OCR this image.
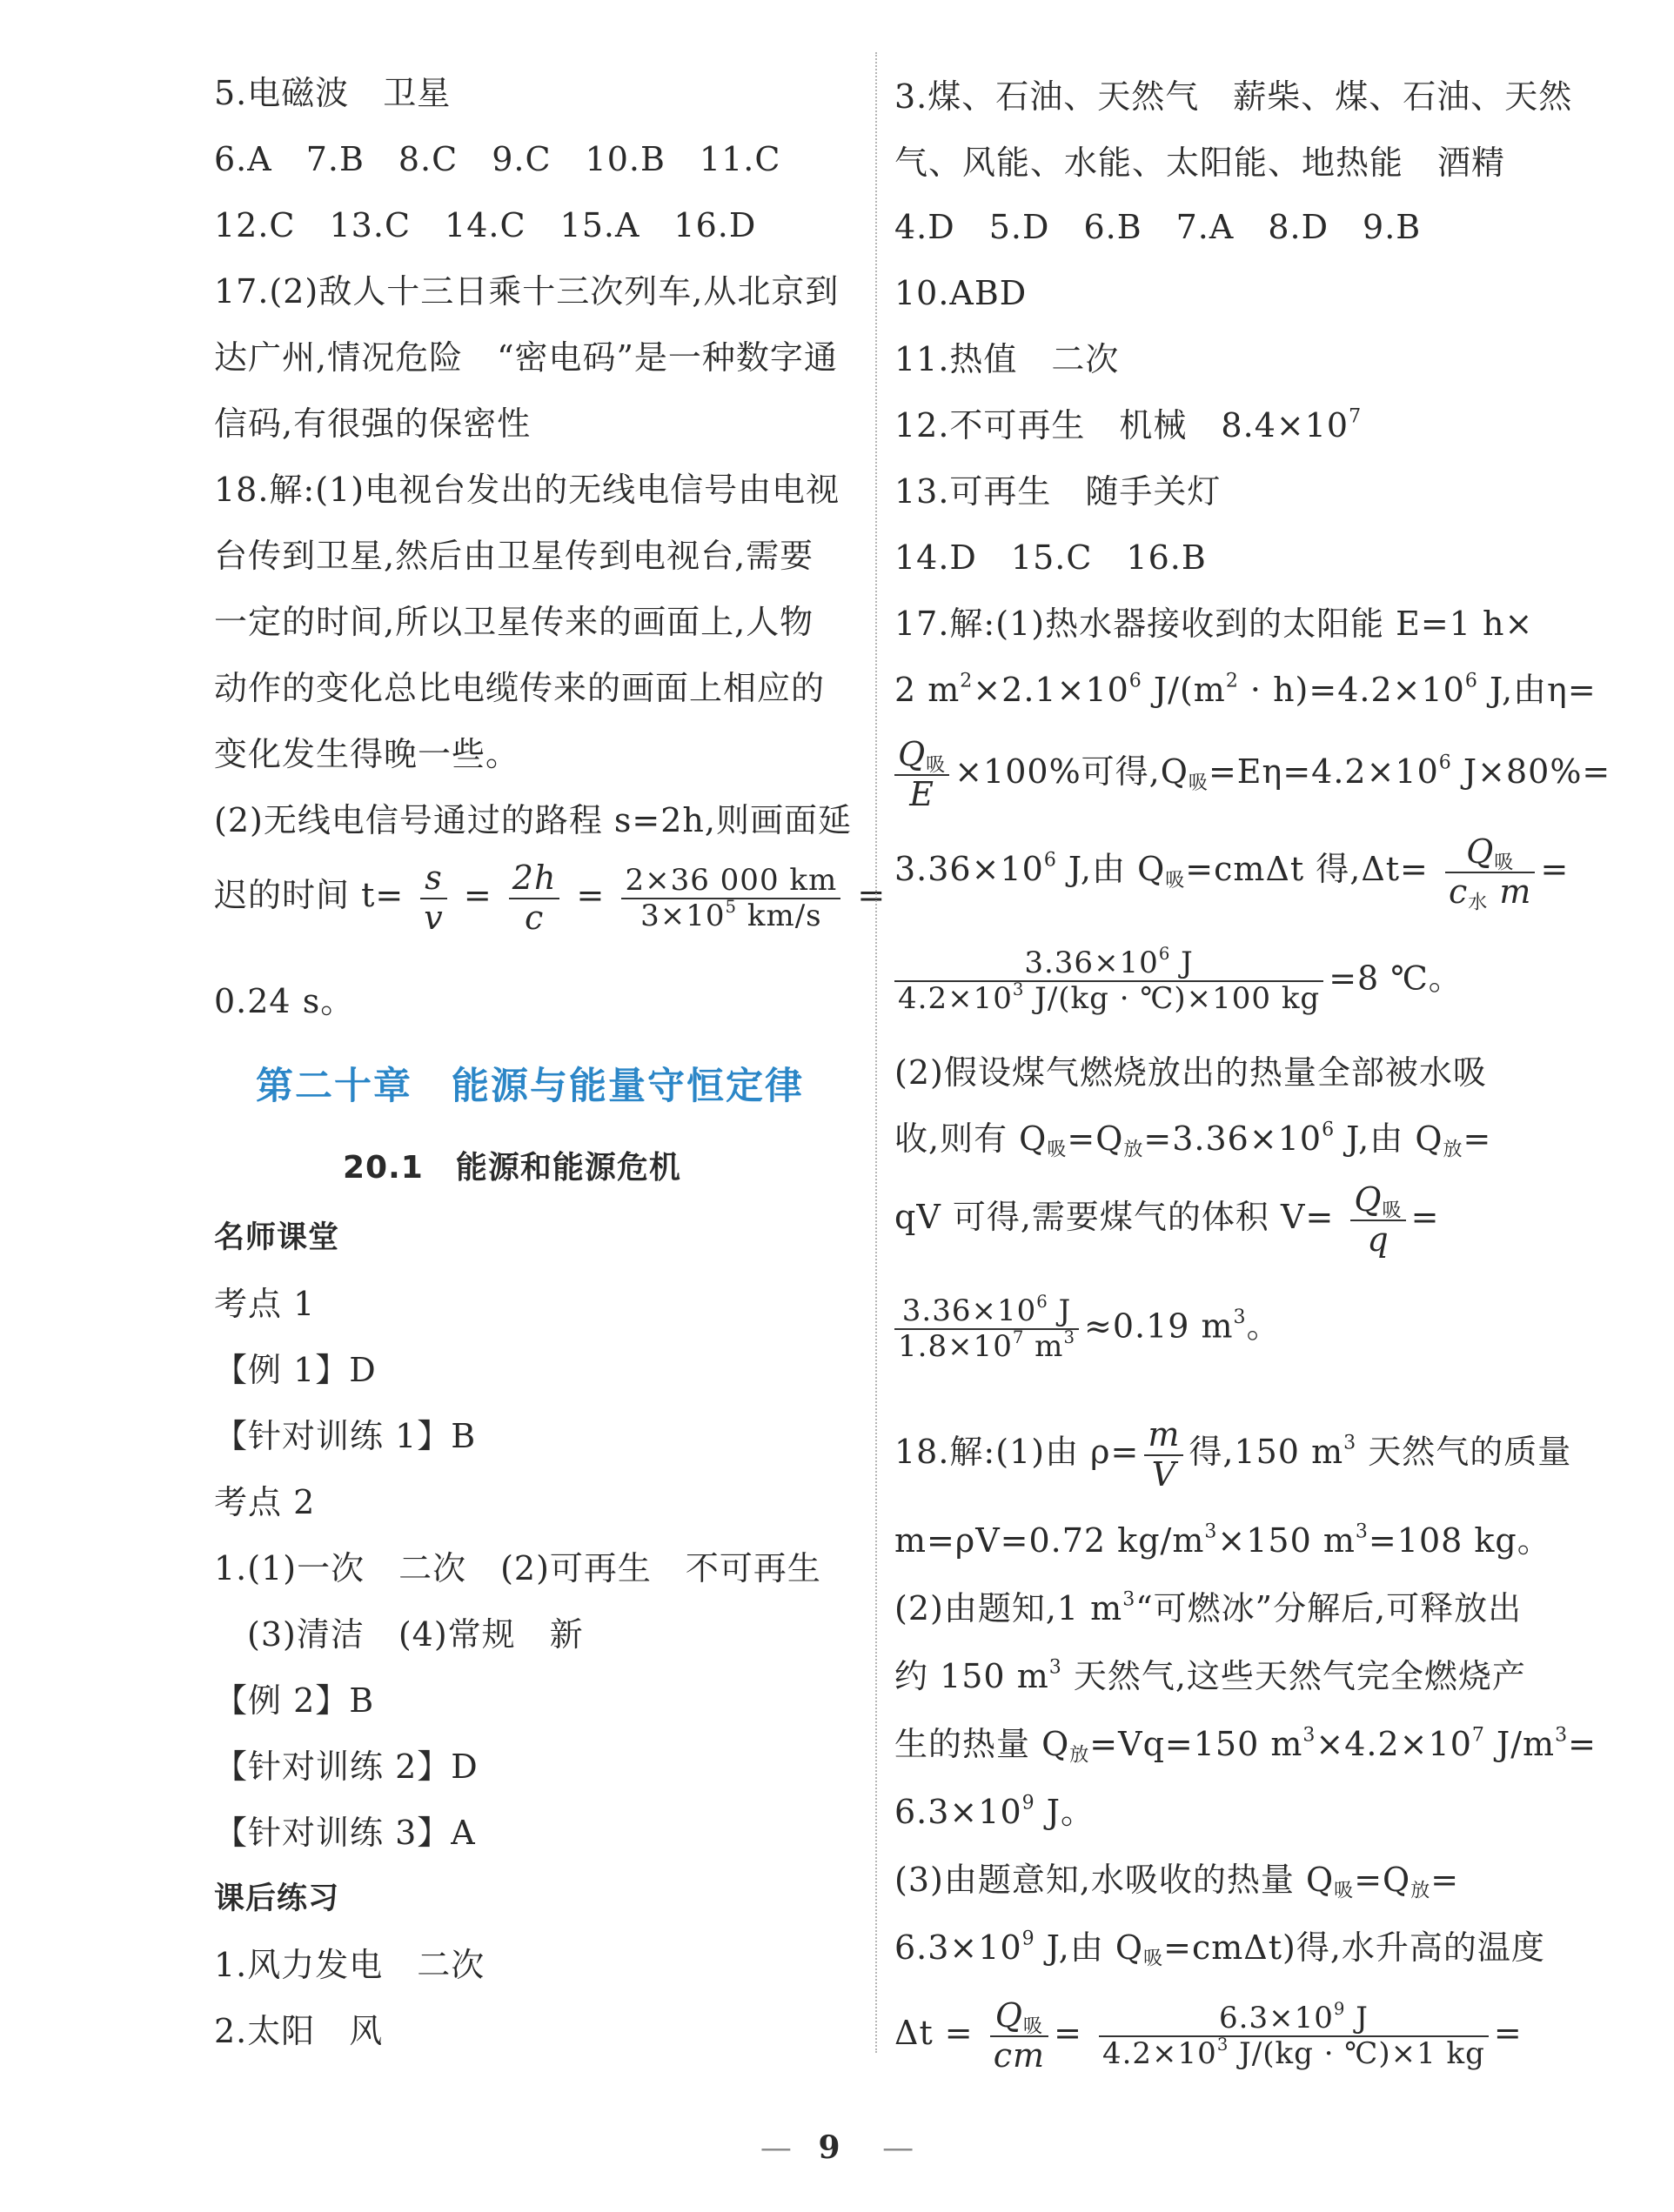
5.电磁波　卫星
6.A　7.B　8.C　9.C　10.B　11.C
12.C　13.C　14.C　15.A　16.D
17.(2)敌人十三日乘十三次列车,从北京到
达广州,情况危险　“密电码”是一种数字通
信码,有很强的保密性
18.解:(1)电视台发出的无线电信号由电视
台传到卫星,然后由卫星传到电视台,需要
一定的时间,所以卫星传来的画面上,人物
动作的变化总比电缆传来的画面上相应的
变化发生得晚一些。
(2)无线电信号通过的路程 s=2h,则画面延
迟的时间 $t= \frac{s}{v} = \frac{2h}{c} = \frac{2\times 36 000 km}{3\times 10^5 km/s}$ =
0.24 s。
第二十章　能源与能量守恒定律
20.1　能源和能源危机
名师课堂
考点 1
【例 1】D
【针对训练 1】B
考点 2
1.(1)一次　二次　(2)可再生　不可再生
(3)清洁　(4)常规　新
【例 2】B
【针对训练 2】D
【针对训练 3】A
课后练习
1.风力发电　二次
2.太阳　风
3.煤、石油、天然气　薪柴、煤、石油、天然
气、风能、水能、太阳能、地热能　酒精
4.D　5.D　6.B　7.A　8.D　9.B
10.ABD
11.热值　二次
12.不可再生　机械　$8.4\times 10^7$
13.可再生　随手关灯
14.D　15.C　16.B
17.解:(1)热水器接收到的太阳能 E=1 h×
2 $m^2\times 2.1\times 10^6$ $J/(m^2 \cdot h)=4.2\times 10^6$ J,由η=
$\frac{Q_吸}{E} \times 100\%$可得$,Q_吸=E\eta=4.2\times 10^6$ J×80%=
$3.36\times 10^6$ J,由 $Q_吸=cm\Delta t$ 得$,\Delta t= \frac{Q_吸}{c_水 m}$ =
$\frac{3.36\times 10^6 J}{4.2\times 10^3 J/(kg \cdot ℃)\times 100 kg} =8$ ℃。
(2)假设煤气燃烧放出的热量全部被水吸
收,则有 $Q_吸=Q_放=3.36\times 10^6$ J,由 $Q_放=$
qV 可得,需要煤气的体积 $V= \frac{Q_吸}{q}$ =
$\frac{3.36\times 10^6 J}{1.8\times 10^7 m^3} \approx 0.19$ $m^3$。
18.解:(1)由 $\rho= \frac{m}{V}$ 得,150 $m^3$ 天然气的质量
m=ρV=0.72 $kg/m^3\times 150$ $m^3=108$ kg。
(2)由题知,1 $m^3“$可燃冰”分解后,可释放出
约 150 $m^3$ 天然气,这些天然气完全燃烧产
生的热量 $Q_放=Vq=150$ $m^3\times 4.2\times 10^7$ $J/m^3=$
$6.3\times 10^9$ J。
(3)由题意知,水吸收的热量 $Q_吸=Q_放=$
$6.3\times 10^9$ J,由 $Q_吸=cm\Delta t$)得,水升高的温度
$\Delta t = \frac{Q_吸}{cm} = \frac{6.3\times 10^9 J}{4.2\times 10^3 J/(kg \cdot ℃)\times 1 kg}$ =
— 9 —
